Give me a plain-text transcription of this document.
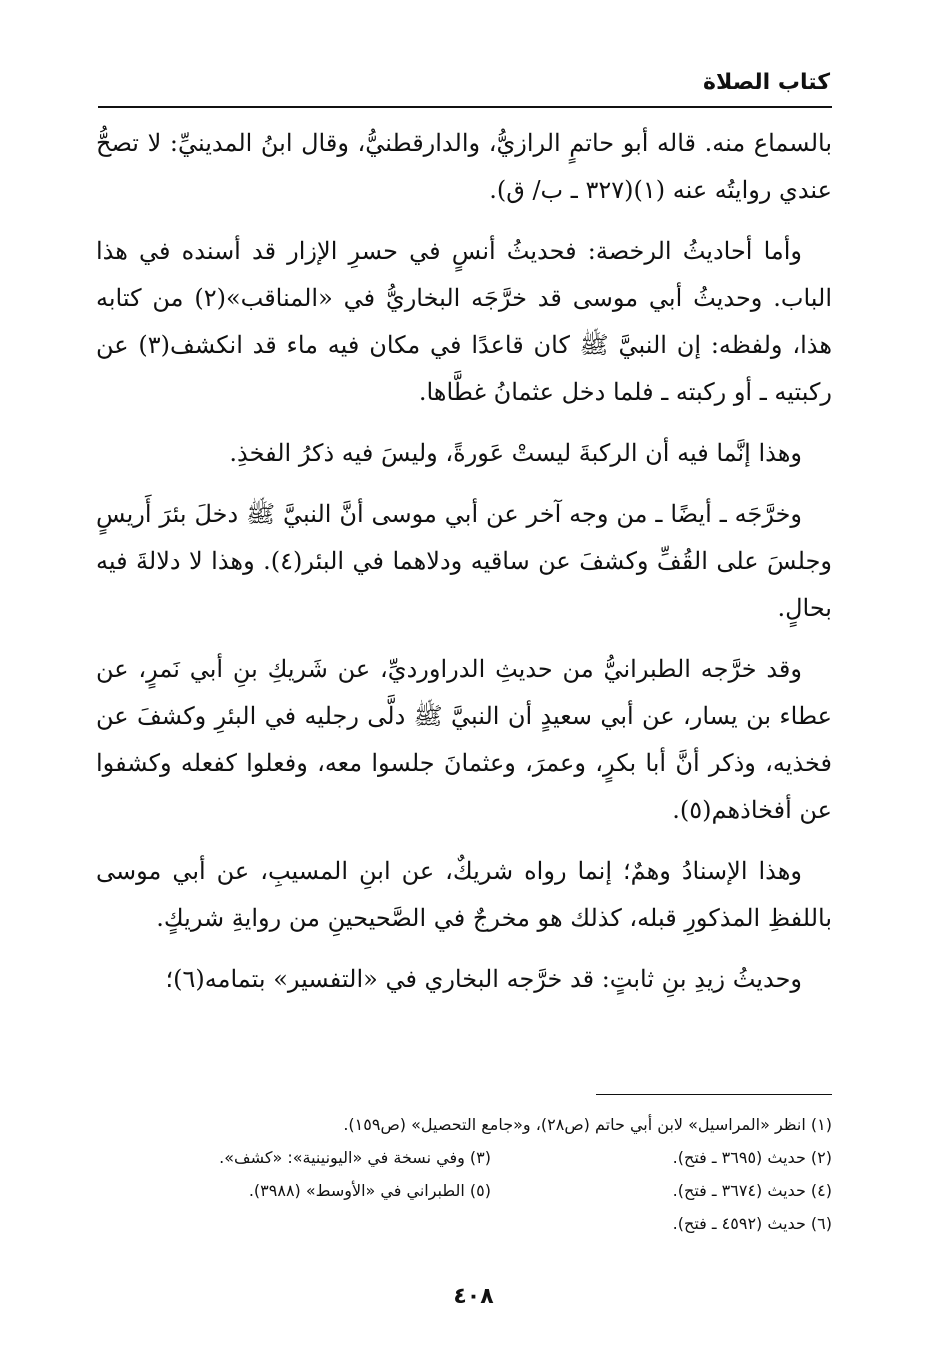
كتاب الصلاة

بالسماع منه. قاله أبو حاتمٍ الرازيُّ، والدارقطنيُّ، وقال ابنُ المدينيِّ: لا تصحُّ عندي روايتُه عنه (١)(٣٢٧ ـ ب/ ق).

وأما أحاديثُ الرخصة: فحديثُ أنسٍ في حسرِ الإزار قد أسنده في هذا الباب. وحديثُ أبي موسى قد خرَّجَه البخاريُّ في «المناقب»(٢) من كتابه هذا، ولفظه: إن النبيَّ ﷺ كان قاعدًا في مكان فيه ماء قد انكشف(٣) عن ركبتيه ـ أو ركبته ـ فلما دخل عثمانُ غطَّاها.

وهذا إنَّما فيه أن الركبةَ ليستْ عَورةً، وليسَ فيه ذكرُ الفخذِ.

وخرَّجَه ـ أيضًا ـ من وجه آخر عن أبي موسى أنَّ النبيَّ ﷺ دخلَ بئرَ أَريسٍ وجلسَ على القُفِّ وكشفَ عن ساقيه ودلاهما في البئر(٤). وهذا لا دلالةَ فيه بحالٍ.

وقد خرَّجه الطبرانيُّ من حديثِ الدراورديِّ، عن شَريكِ بنِ أبي نَمرٍ، عن عطاء بن يسار، عن أبي سعيدٍ أن النبيَّ ﷺ دلَّى رجليه في البئرِ وكشفَ عن فخذيه، وذكر أنَّ أبا بكرٍ، وعمرَ، وعثمانَ جلسوا معه، وفعلوا كفعله وكشفوا عن أفخاذهم(٥).

وهذا الإسنادُ وهمٌ؛ إنما رواه شريكٌ، عن ابنِ المسيبِ، عن أبي موسى باللفظِ المذكورِ قبله، كذلك هو مخرجٌ في الصَّحيحينِ من روايةِ شريكٍ.

وحديثُ زيدِ بنِ ثابتٍ: قد خرَّجه البخاري في «التفسير» بتمامه(٦)؛

(١) انظر «المراسيل» لابن أبي حاتم (ص٢٨)، و«جامع التحصيل» (ص١٥٩).
(٢) حديث (٣٦٩٥ ـ فتح).
(٣) وفي نسخة في «اليونينية»: «كشف».
(٤) حديث (٣٦٧٤ ـ فتح).
(٥) الطبراني في «الأوسط» (٣٩٨٨).
(٦) حديث (٤٥٩٢ ـ فتح).
٤٠٨
